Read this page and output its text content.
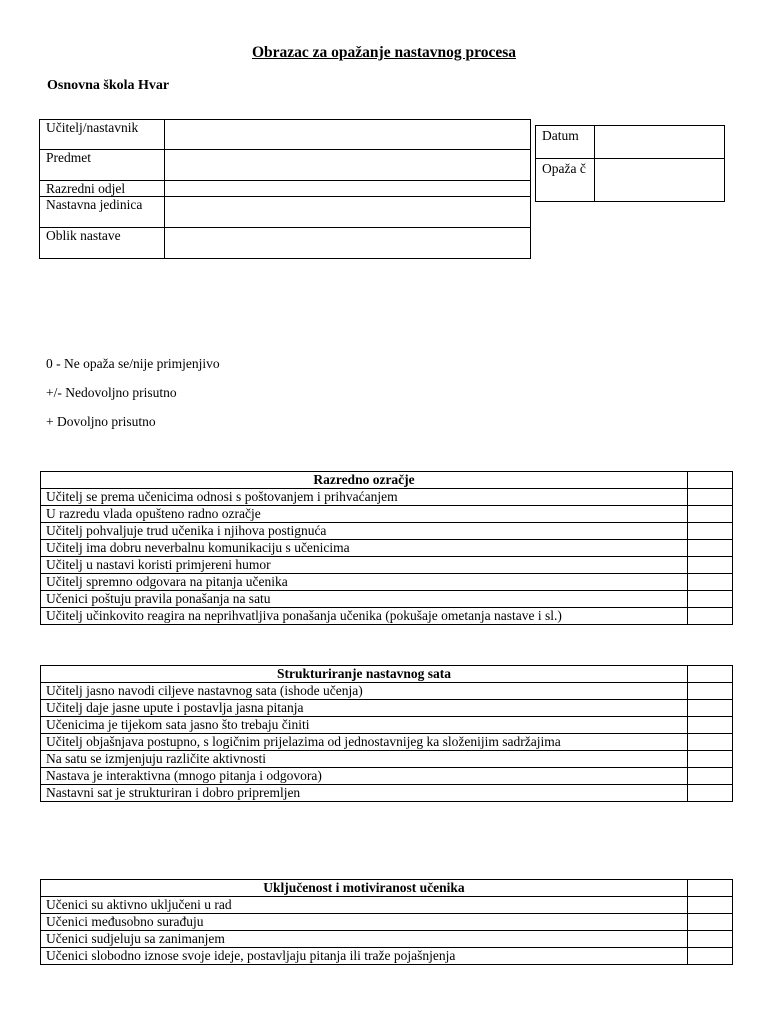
Obrazac za opažanje nastavnog procesa
Osnovna škola Hvar
Učitelj/nastavnik	
Predmet	
Razredni odjel	
Nastavna jedinica	
Oblik nastave	
Datum	
Opaža č	
0 - Ne opaža se/nije primjenjivo
+/- Nedovoljno prisutno
+ Dovoljno prisutno
Razredno ozračje	
Učitelj se prema učenicima odnosi s poštovanjem i prihvaćanjem	
U razredu vlada opušteno radno ozračje	
Učitelj pohvaljuje trud učenika i njihova postignuća	
Učitelj ima dobru neverbalnu komunikaciju s učenicima	
Učitelj u nastavi koristi primjereni humor	
Učitelj spremno odgovara na pitanja učenika	
Učenici poštuju pravila ponašanja na satu	
Učitelj učinkovito reagira na neprihvatljiva ponašanja učenika (pokušaje ometanja nastave i sl.)	
Strukturiranje nastavnog sata	
Učitelj jasno navodi ciljeve nastavnog sata (ishode učenja)	
Učitelj daje jasne upute i postavlja jasna pitanja	
Učenicima je tijekom sata jasno što trebaju činiti	
Učitelj objašnjava postupno, s logičnim prijelazima od jednostavnijeg ka složenijim sadržajima	
Na satu se izmjenjuju različite aktivnosti	
Nastava je interaktivna (mnogo pitanja i odgovora)	
Nastavni sat je strukturiran i dobro pripremljen	
Uključenost i motiviranost učenika	
Učenici su aktivno uključeni u rad	
Učenici međusobno surađuju	
Učenici sudjeluju sa zanimanjem	
Učenici slobodno iznose svoje ideje, postavljaju pitanja ili traže pojašnjenja	
